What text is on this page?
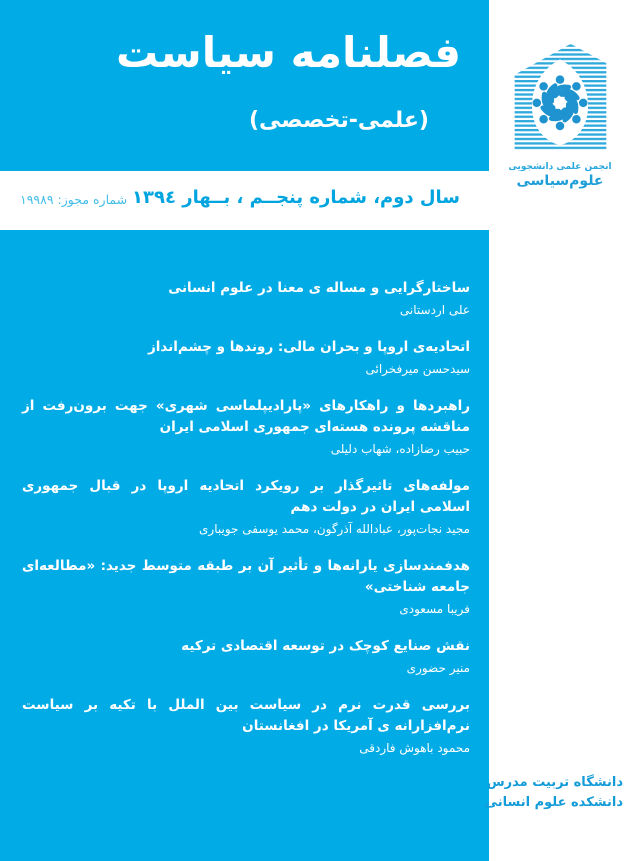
فصلنامه سیاست
(علمی-تخصصی)
سال دوم، شماره پنجــم ، بــهار ١٣٩٤
شماره مجوز: ١٩٩٨٩
ساختارگرایی و مساله ی معنا در علوم انسانی
علی اردستانی
اتحادیه‌ی اروپا و بحران مالی: روندها و چشم‌انداز
سیدحسن میرفخرائی
راهبردها و راهکارهای «پارادیپلماسی شهری» جهت برون‌رفت از مناقشه پرونده هسته‌ای جمهوری اسلامی ایران
حبیب رضازاده، شهاب دلیلی
مولفه‌های تاثیرگذار بر رویکرد اتحادیه اروپا در قبال جمهوری اسلامی ایران در دولت دهم
مجید نجات‌پور، عبادالله آذرگون، محمد یوسفی جویباری
هدفمندسازی یارانه‌ها و تأثیر آن بر طبقه متوسط جدید: «مطالعه‌ای جامعه شناختی»
فریبا مسعودی
نقش صنایع کوچک در توسعه اقتصادی ترکیه
منیر حضوری
بررسی قدرت نرم در سیاست بین الملل با تکیه بر سیاست نرم‌افزارانه ی آمریکا در افغانستان
محمود باهوش فاردقی
انجمن علمی دانشجویی
علوم‌سیاسی
دانشگاه تربیت مدرس
دانشکده علوم انسانی
